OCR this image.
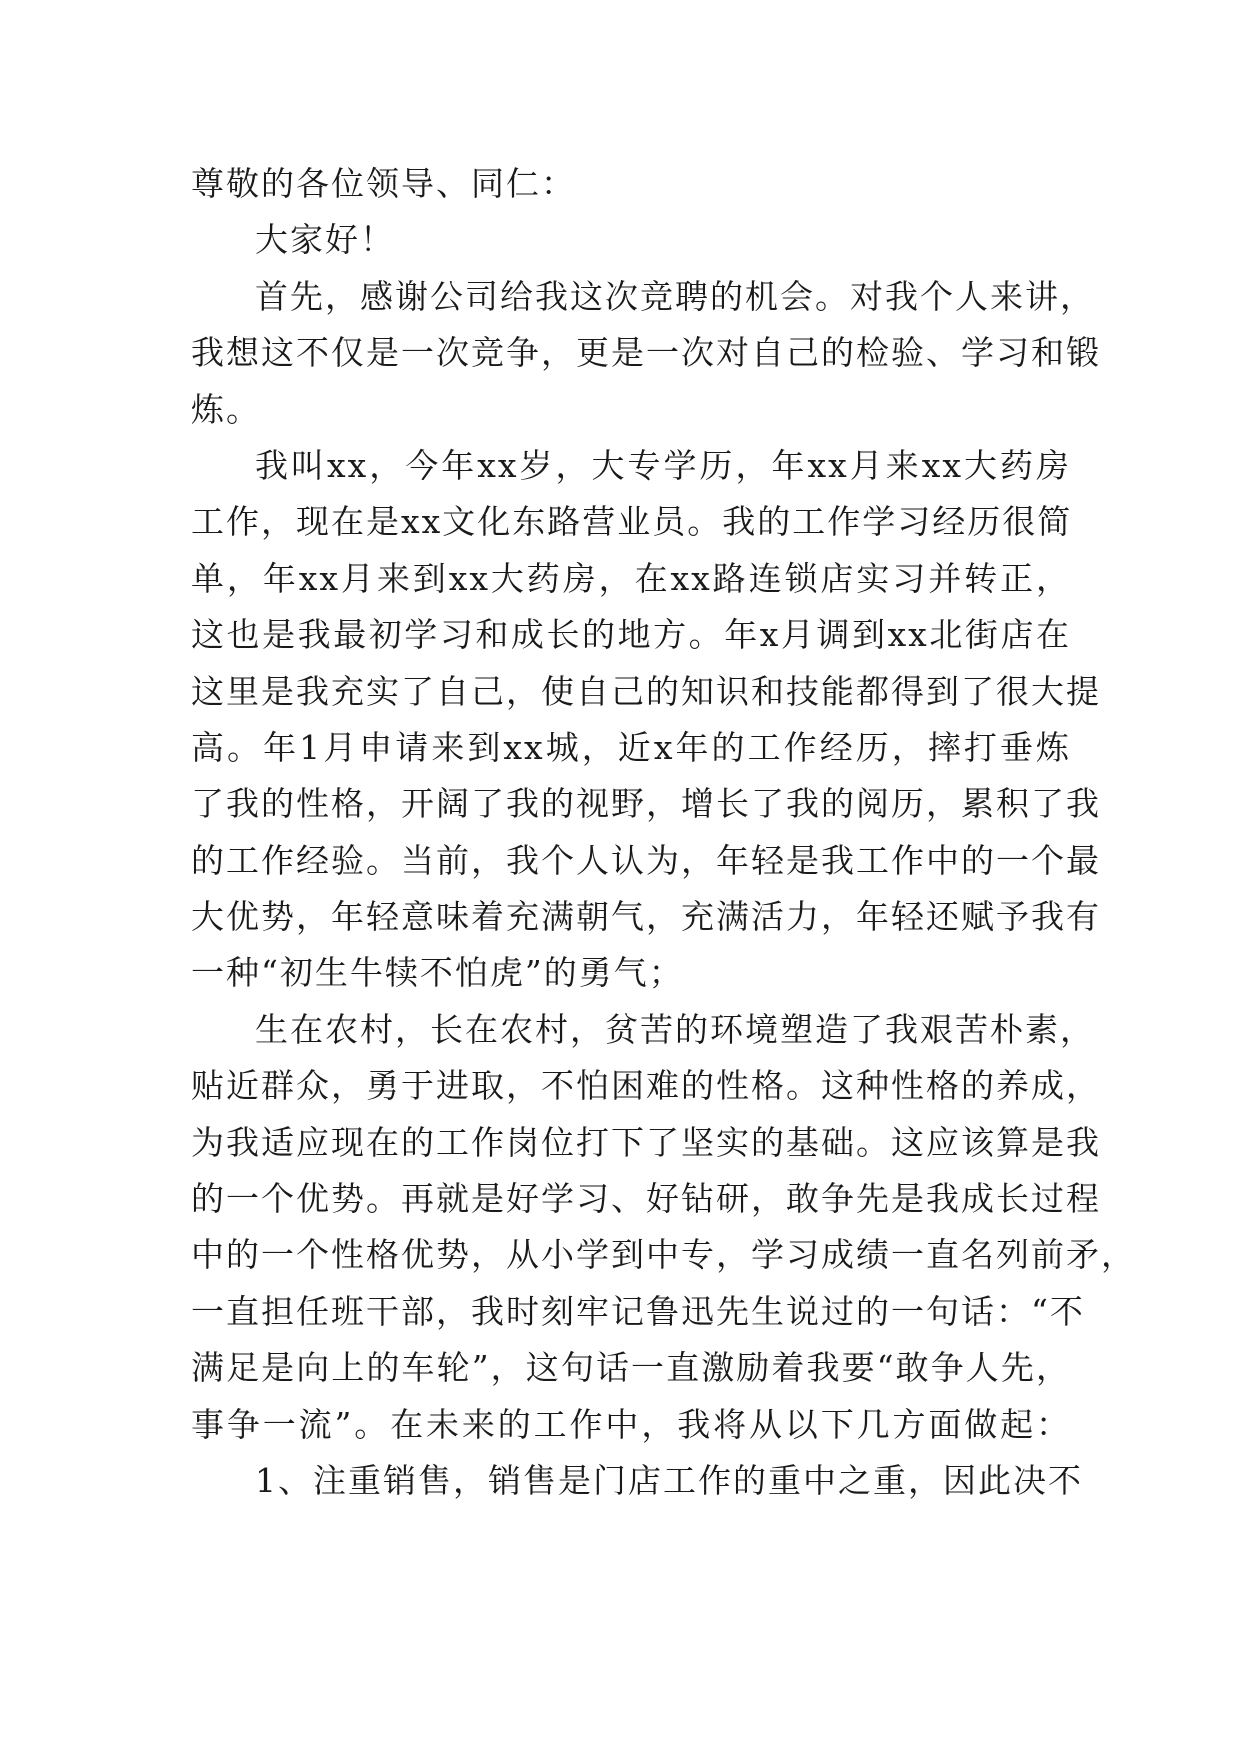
尊敬的各位领导、同仁：
大家好！
首先，感谢公司给我这次竞聘的机会。对我个人来讲，
我想这不仅是一次竞争，更是一次对自己的检验、学习和锻
炼。
我叫xx，今年xx岁，大专学历，年xx月来xx大药房
工作，现在是xx文化东路营业员。我的工作学习经历很简
单，年xx月来到xx大药房，在xx路连锁店实习并转正，
这也是我最初学习和成长的地方。年x月调到xx北街店在
这里是我充实了自己，使自己的知识和技能都得到了很大提
高。年1月申请来到xx城，近x年的工作经历，摔打垂炼
了我的性格，开阔了我的视野，增长了我的阅历，累积了我
的工作经验。当前，我个人认为，年轻是我工作中的一个最
大优势，年轻意味着充满朝气，充满活力，年轻还赋予我有
一种“初生牛犊不怕虎”的勇气；
生在农村，长在农村，贫苦的环境塑造了我艰苦朴素，
贴近群众，勇于进取，不怕困难的性格。这种性格的养成，
为我适应现在的工作岗位打下了坚实的基础。这应该算是我
的一个优势。再就是好学习、好钻研，敢争先是我成长过程
中的一个性格优势，从小学到中专，学习成绩一直名列前矛，
一直担任班干部，我时刻牢记鲁迅先生说过的一句话：“不
满足是向上的车轮”，这句话一直激励着我要“敢争人先，
事争一流”。在未来的工作中，我将从以下几方面做起：
1、注重销售，销售是门店工作的重中之重，因此决不
